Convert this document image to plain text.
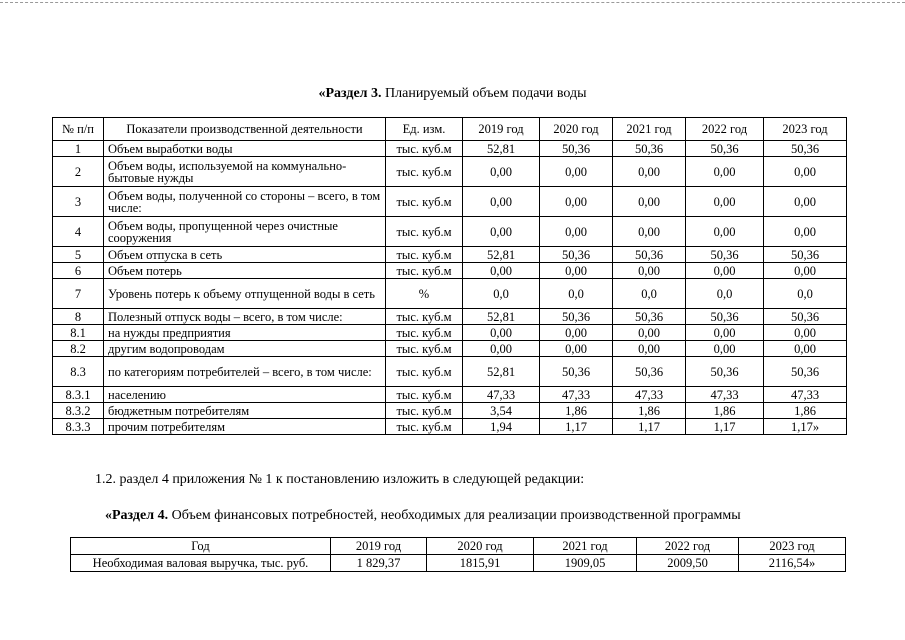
«Раздел 3. Планируемый объем подачи воды
№ п/п	Показатели производственной деятельности	Ед. изм.	2019 год	2020 год	2021 год	2022 год	2023 год
1	Объем выработки воды	тыс. куб.м	52,81	50,36	50,36	50,36	50,36
2	Объем воды, используемой на коммунально-бытовые нужды	тыс. куб.м	0,00	0,00	0,00	0,00	0,00
3	Объем воды, полученной со стороны – всего, в том числе:	тыс. куб.м	0,00	0,00	0,00	0,00	0,00
4	Объем воды, пропущенной через очистные сооружения	тыс. куб.м	0,00	0,00	0,00	0,00	0,00
5	Объем отпуска в сеть	тыс. куб.м	52,81	50,36	50,36	50,36	50,36
6	Объем потерь	тыс. куб.м	0,00	0,00	0,00	0,00	0,00
7	Уровень потерь к объему отпущенной воды в сеть	%	0,0	0,0	0,0	0,0	0,0
8	Полезный отпуск воды – всего, в том числе:	тыс. куб.м	52,81	50,36	50,36	50,36	50,36
8.1	на нужды предприятия	тыс. куб.м	0,00	0,00	0,00	0,00	0,00
8.2	другим водопроводам	тыс. куб.м	0,00	0,00	0,00	0,00	0,00
8.3	по категориям потребителей – всего, в том числе:	тыс. куб.м	52,81	50,36	50,36	50,36	50,36
8.3.1	населению	тыс. куб.м	47,33	47,33	47,33	47,33	47,33
8.3.2	бюджетным потребителям	тыс. куб.м	3,54	1,86	1,86	1,86	1,86
8.3.3	прочим потребителям	тыс. куб.м	1,94	1,17	1,17	1,17	1,17»
1.2. раздел 4 приложения № 1 к постановлению изложить в следующей редакции:
«Раздел 4. Объем финансовых потребностей, необходимых для реализации производственной программы
Год	2019 год	2020 год	2021 год	2022 год	2023 год
Необходимая валовая выручка, тыс. руб.	1 829,37	1815,91	1909,05	2009,50	2116,54»
